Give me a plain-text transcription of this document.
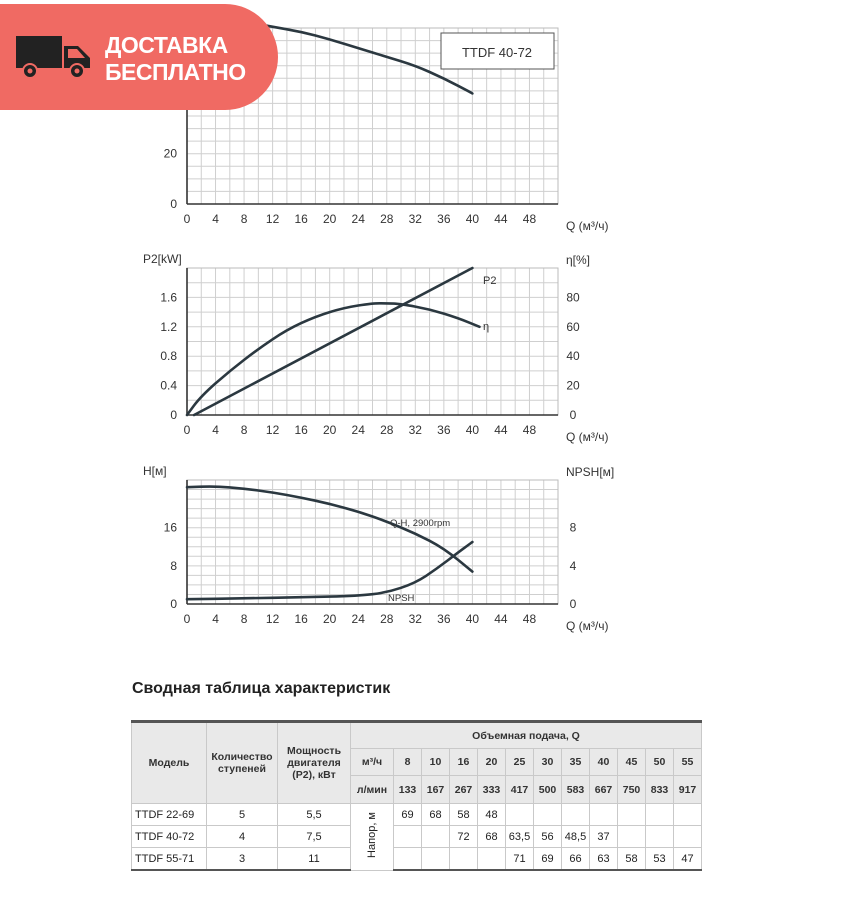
0 4 8 12 16 20 24 28 32 36 40 44 48 Q (м³/ч)
0
20
0 4 8 12 16 20 24 28 32 36 40 44 48 Q (м³/ч)
0
0.4
0.8
1.2
1.6
P2[kW]
0
20
40
60
80
η[%]
0 4 8 12 16 20 24 28 32 36 40 44 48 Q (м³/ч)
0
8
16
H[м]
0
4
8
NPSH[м]
TTDF 40-72
P2
η
Q-H, 2900rpm
NPSH
ДОСТАВКА
БЕСПЛАТНО
Сводная таблица характеристик
Модель	Количество ступеней	Мощность двигателя (P2), кВт	Объемная подача, Q											
			м³/ч	8	10	16	20	25	30	35	40	45	50	55
			л/мин	133	167	267	333	417	500	583	667	750	833	917
TTDF 22-69	5	5,5	Напор, м	69	68	58	48							
TTDF 40-72	4	7,5				72	68	63,5	56	48,5	37			
TTDF 55-71	3	11						71	69	66	63	58	53	47
